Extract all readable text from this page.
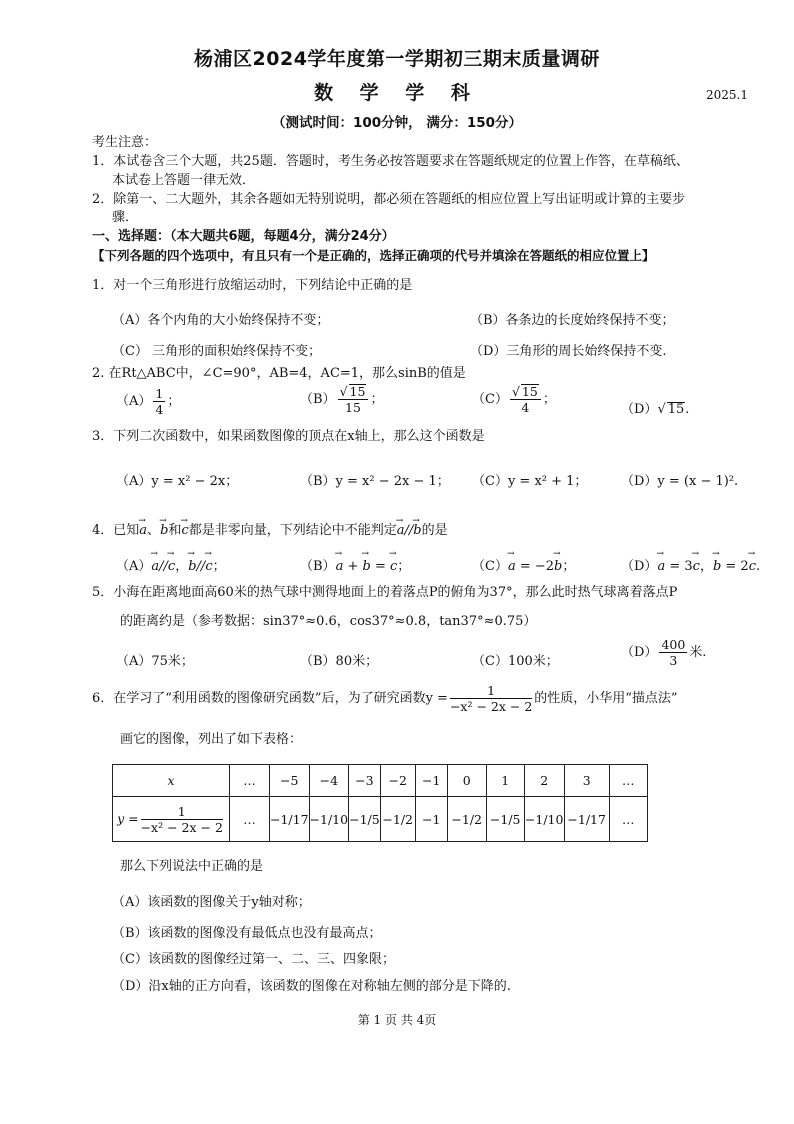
杨浦区2024学年度第一学期初三期末质量调研
数 学 学 科	2025.1
（测试时间：100分钟， 满分：150分）
考生注意：
1．本试卷含三个大题，共25题．答题时，考生务必按答题要求在答题纸规定的位置上作答，在草稿纸、
本试卷上答题一律无效．
2．除第一、二大题外，其余各题如无特别说明，都必须在答题纸的相应位置上写出证明或计算的主要步
骤．
一、选择题：（本大题共6题，每题4分，满分24分）
【下列各题的四个选项中，有且只有一个是正确的，选择正确项的代号并填涂在答题纸的相应位置上】
1．对一个三角形进行放缩运动时，下列结论中正确的是
（A）各个内角的大小始终保持不变；	（B）各条边的长度始终保持不变；
（C） 三角形的面积始终保持不变；	（D）三角形的周长始终保持不变.
2. 在Rt△ABC中，∠C=90°，AB=4，AC=1，那么sinB的值是
$(A) \frac{1}{4}$ ；	$(B) \frac{√ 15}{15}$ ；	$(C) \frac{√ 15}{4}$ ；
（D）√ 15.
3．下列二次函数中，如果函数图像的顶点在x轴上，那么这个函数是
（A）y = x² − 2x；	（B）y = x² − 2x − 1； （C）y = x² + 1；	（D）y = (x − 1)².
4．已知→ a、→ b和→ c都是非零向量，下列结论中不能判定→ a//→ b的是
（A）→ a//→ c，→ b//→ c；	（B）→ a + → b = → c；	（C）→ a = −2→ b；	（D）→ a = 3→ c，→ b = 2→ c.
5．小海在距离地面高60米的热气球中测得地面上的着落点P的俯角为37°，那么此时热气球离着落点P
的距离约是（参考数据：sin37°≈0.6，cos37°≈0.8，tan37°≈0.75）
（A）75米；	（B）80米；	（C）100米；
$(D) \frac{400}{3}$ 米.
6．在学习了“利用函数的图像研究函数”后，为了研究函数$y = \frac{1}{\text{−x² − 2x − 2}}$ 的性质，小华用“描点法”
画它的图像，列出了如下表格：
x	…	−5	−4	−3	−2	−1	0	1	2	3	…
$y = \frac{1}{\text{−x² − 2x − 2}}$	…	−1/17	−1/10	−1/5	−1/2	−1	−1/2	−1/5	−1/10	−1/17	…
那么下列说法中正确的是
（A）该函数的图像关于y轴对称；
（B）该函数的图像没有最低点也没有最高点；
（C）该函数的图像经过第一、二、三、四象限；
（D）沿x轴的正方向看，该函数的图像在对称轴左侧的部分是下降的.
第 1 页 共 4页
